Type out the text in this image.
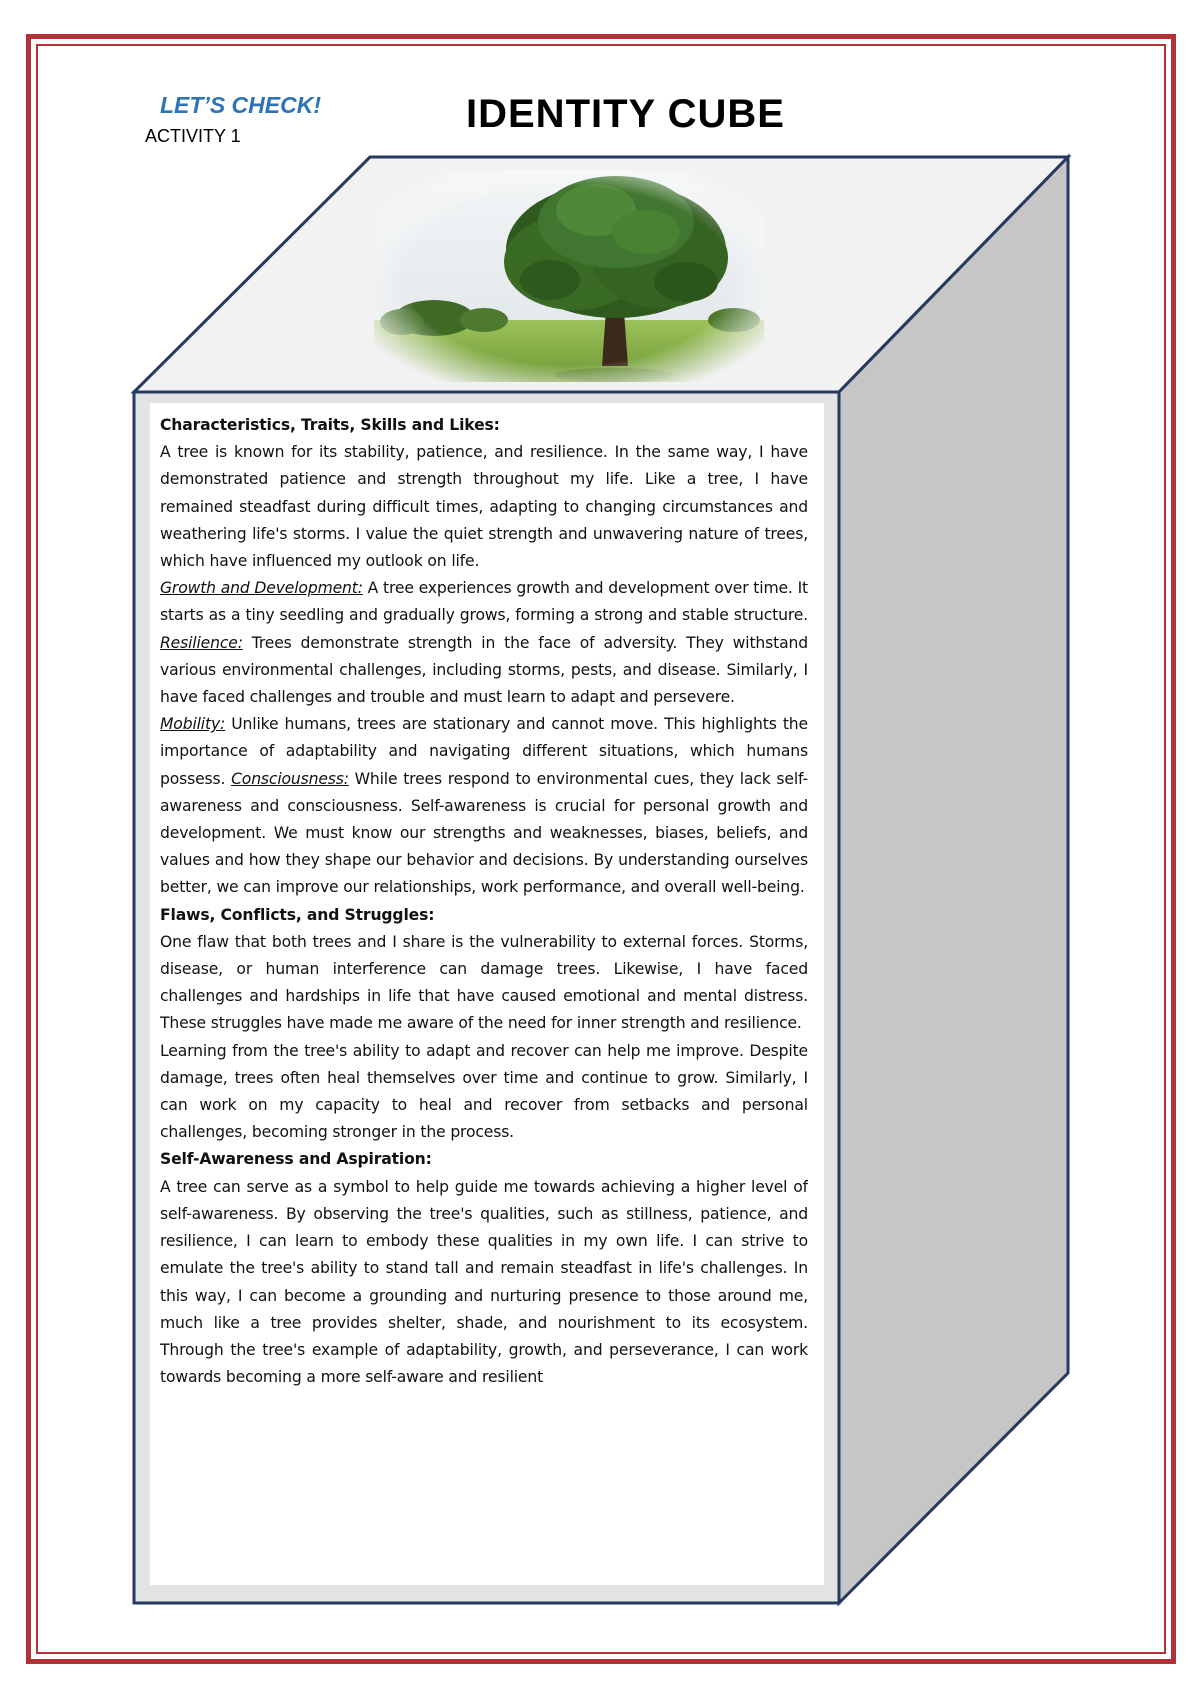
LET’S CHECK!
ACTIVITY 1	IDENTITY CUBE

Characteristics, Traits, Skills and Likes:

A tree is known for its stability, patience, and resilience. In the same way, I have demonstrated patience and strength throughout my life. Like a tree, I have remained steadfast during difficult times, adapting to changing circumstances and weathering life's storms. I value the quiet strength and unwavering nature of trees, which have influenced my outlook on life.

Growth and Development: A tree experiences growth and development over time. It starts as a tiny seedling and gradually grows, forming a strong and stable structure. Resilience: Trees demonstrate strength in the face of adversity. They withstand various environmental challenges, including storms, pests, and disease. Similarly, I have faced challenges and trouble and must learn to adapt and persevere.

Mobility: Unlike humans, trees are stationary and cannot move. This highlights the importance of adaptability and navigating different situations, which humans possess. Consciousness: While trees respond to environmental cues, they lack self-awareness and consciousness. Self-awareness is crucial for personal growth and development. We must know our strengths and weaknesses, biases, beliefs, and values and how they shape our behavior and decisions. By understanding ourselves better, we can improve our relationships, work performance, and overall well-being.

Flaws, Conflicts, and Struggles:

One flaw that both trees and I share is the vulnerability to external forces. Storms, disease, or human interference can damage trees. Likewise, I have faced challenges and hardships in life that have caused emotional and mental distress. These struggles have made me aware of the need for inner strength and resilience.

Learning from the tree's ability to adapt and recover can help me improve. Despite damage, trees often heal themselves over time and continue to grow. Similarly, I can work on my capacity to heal and recover from setbacks and personal challenges, becoming stronger in the process.

Self-Awareness and Aspiration:

A tree can serve as a symbol to help guide me towards achieving a higher level of self-awareness. By observing the tree's qualities, such as stillness, patience, and resilience, I can learn to embody these qualities in my own life. I can strive to emulate the tree's ability to stand tall and remain steadfast in life's challenges. In this way, I can become a grounding and nurturing presence to those around me, much like a tree provides shelter, shade, and nourishment to its ecosystem. Through the tree's example of adaptability, growth, and perseverance, I can work towards becoming a more self-aware and resilient
